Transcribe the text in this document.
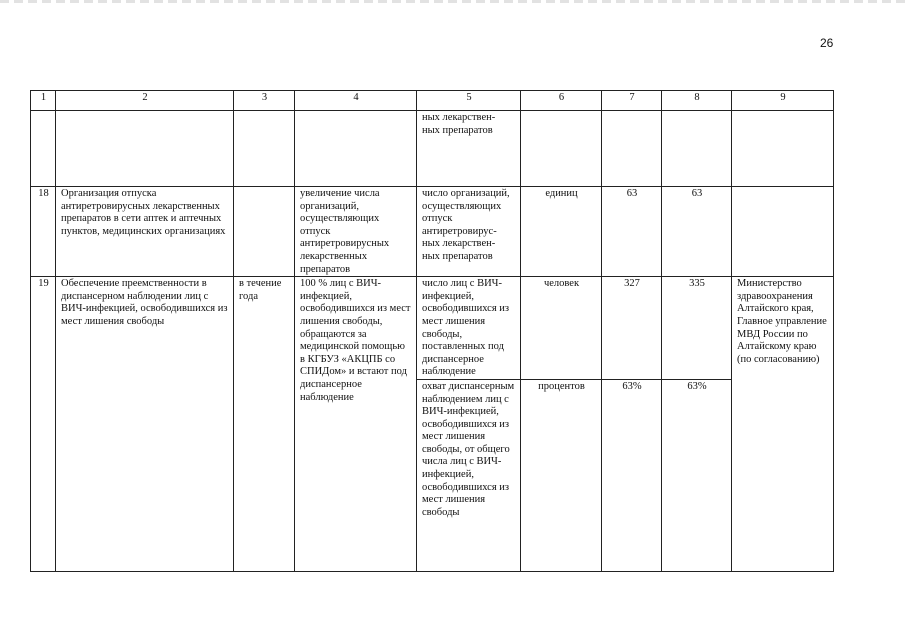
26
1	2	3	4	5	6	7	8	9
				ных лекарствен-
ных препаратов				
18	Организация отпуска антиретровирусных лекарственных препаратов в сети аптек и аптечных пунктов, медицинских организациях		увеличение числа организаций, осуществляющих отпуск антиретровирусных лекарственных препаратов	число организаций, осуществляющих отпуск антиретровирус-
ных лекарствен-
ных препаратов	единиц	63	63	
19	Обеспечение преемственности в диспансерном наблюдении лиц с ВИЧ-инфекцией, освободившихся из мест лишения свободы	в течение года	100 % лиц с ВИЧ-инфекцией, освободившихся из мест лишения свободы, обращаются за медицинской помощью в КГБУЗ «АКЦПБ со СПИДом» и встают под диспансерное наблюдение	число лиц с ВИЧ-инфекцией, освободившихся из мест лишения свободы, поставленных под диспансерное наблюдение	человек	327	335	Министерство здравоохранения Алтайского края, Главное управление МВД России по Алтайскому краю (по согласованию)
				охват диспансерным наблюдением лиц с ВИЧ-инфекцией, освободившихся из мест лишения свободы, от общего числа лиц с ВИЧ-инфекцией, освободившихся из мест лишения свободы	процентов	63%	63%	
